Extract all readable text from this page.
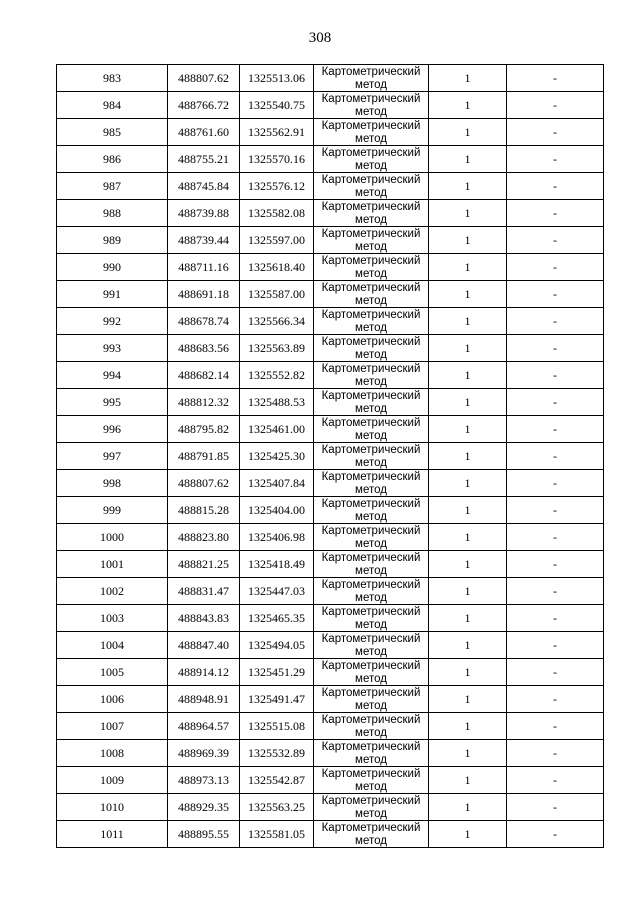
308
983	488807.62	1325513.06	Картометрический метод	1	-
984	488766.72	1325540.75	Картометрический метод	1	-
985	488761.60	1325562.91	Картометрический метод	1	-
986	488755.21	1325570.16	Картометрический метод	1	-
987	488745.84	1325576.12	Картометрический метод	1	-
988	488739.88	1325582.08	Картометрический метод	1	-
989	488739.44	1325597.00	Картометрический метод	1	-
990	488711.16	1325618.40	Картометрический метод	1	-
991	488691.18	1325587.00	Картометрический метод	1	-
992	488678.74	1325566.34	Картометрический метод	1	-
993	488683.56	1325563.89	Картометрический метод	1	-
994	488682.14	1325552.82	Картометрический метод	1	-
995	488812.32	1325488.53	Картометрический метод	1	-
996	488795.82	1325461.00	Картометрический метод	1	-
997	488791.85	1325425.30	Картометрический метод	1	-
998	488807.62	1325407.84	Картометрический метод	1	-
999	488815.28	1325404.00	Картометрический метод	1	-
1000	488823.80	1325406.98	Картометрический метод	1	-
1001	488821.25	1325418.49	Картометрический метод	1	-
1002	488831.47	1325447.03	Картометрический метод	1	-
1003	488843.83	1325465.35	Картометрический метод	1	-
1004	488847.40	1325494.05	Картометрический метод	1	-
1005	488914.12	1325451.29	Картометрический метод	1	-
1006	488948.91	1325491.47	Картометрический метод	1	-
1007	488964.57	1325515.08	Картометрический метод	1	-
1008	488969.39	1325532.89	Картометрический метод	1	-
1009	488973.13	1325542.87	Картометрический метод	1	-
1010	488929.35	1325563.25	Картометрический метод	1	-
1011	488895.55	1325581.05	Картометрический метод	1	-
